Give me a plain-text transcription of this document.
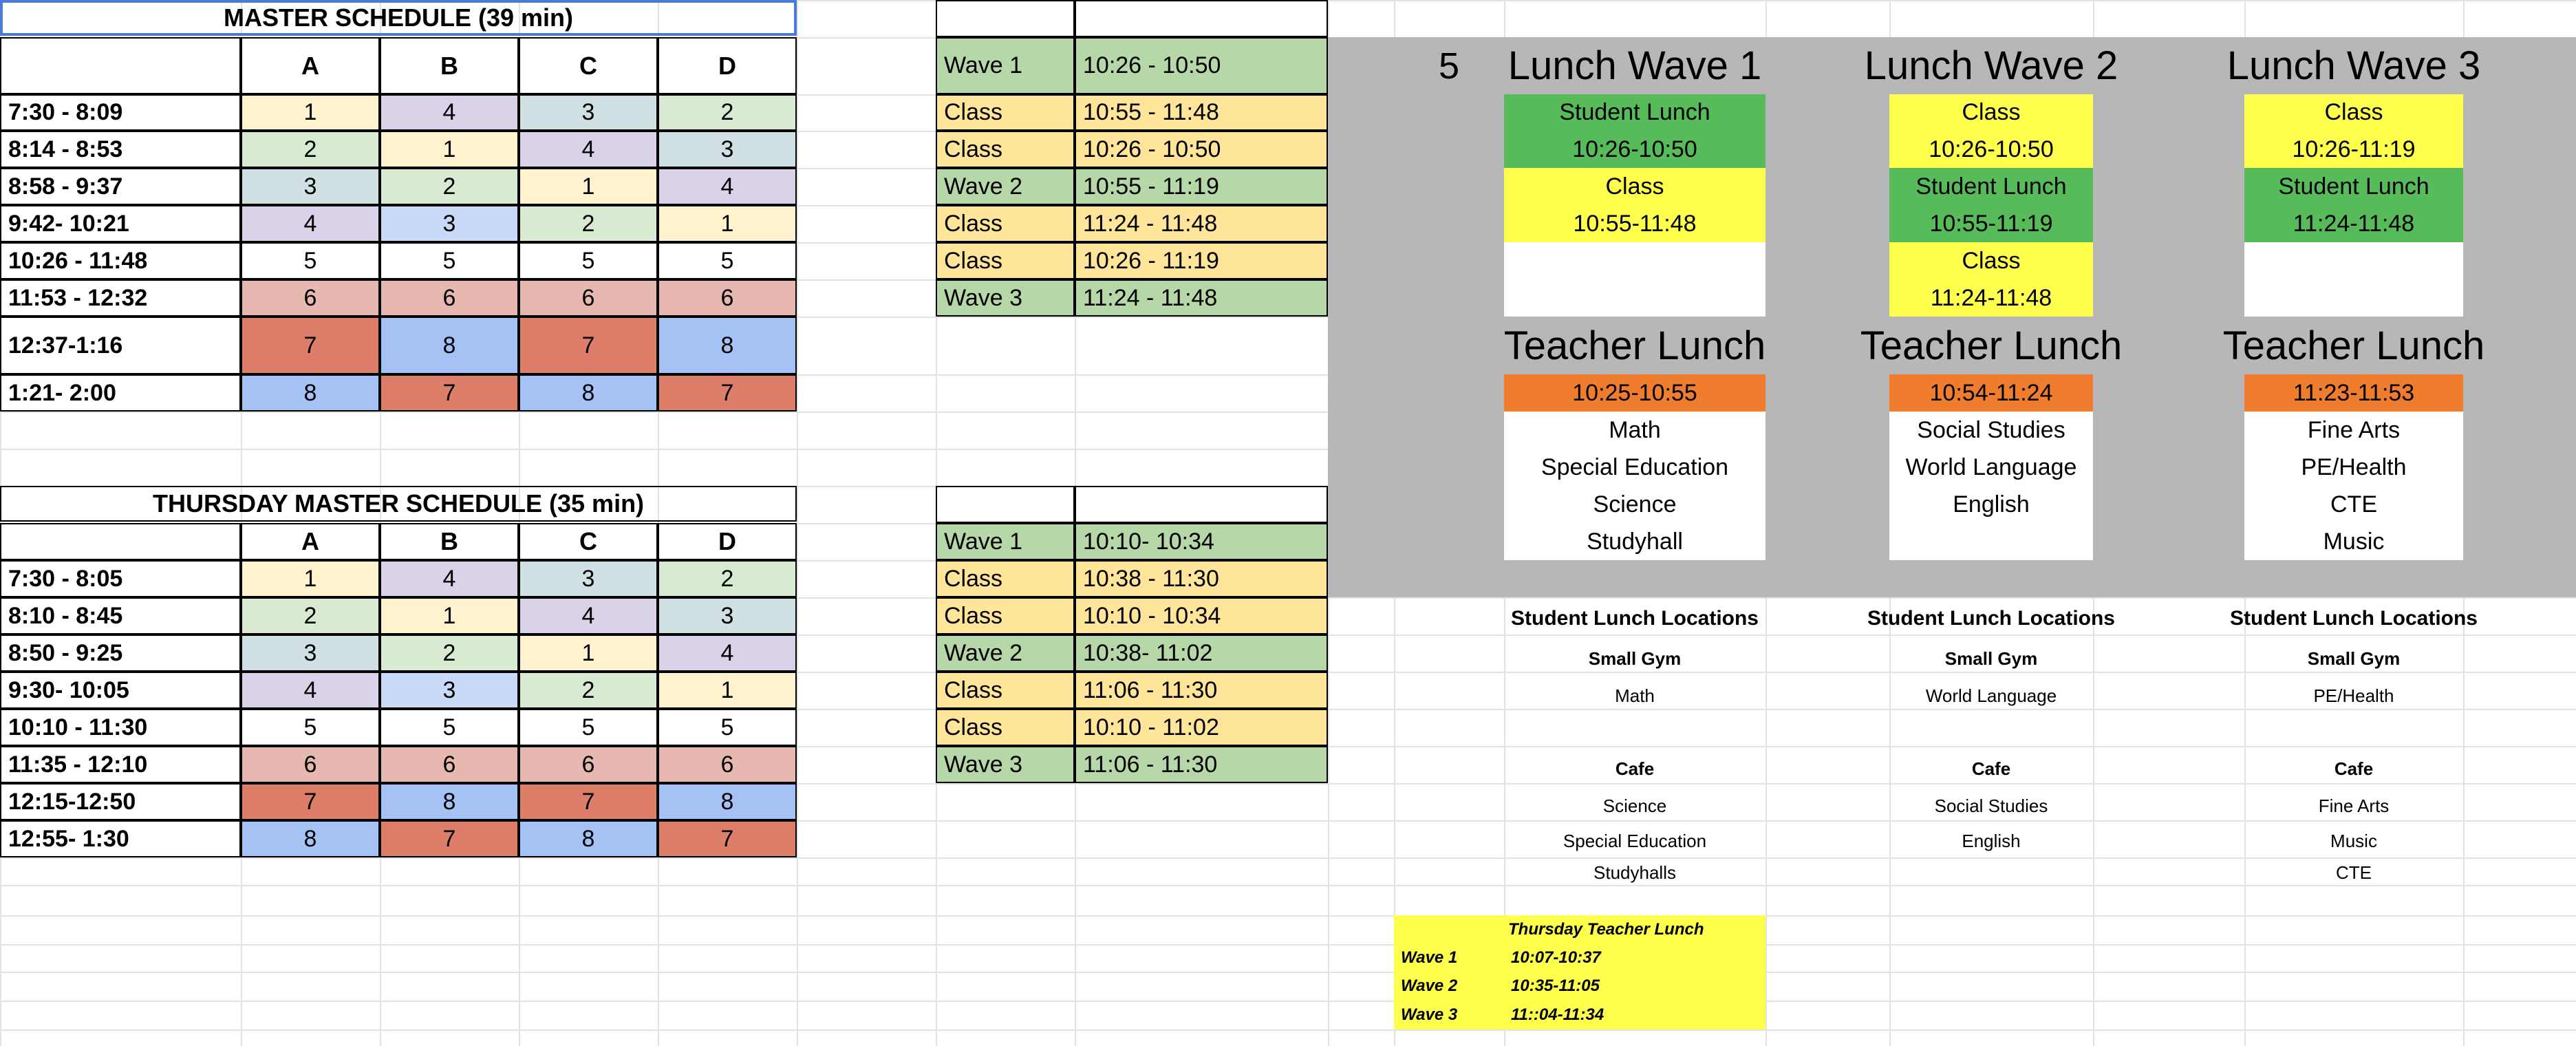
MASTER SCHEDULE (39 min)
A	B	C	D
7:30 - 8:09	1	4	3	2
8:14 - 8:53	2	1	4	3
8:58 - 9:37	3	2	1	4
9:42- 10:21	4	3	2	1
10:26 - 11:48	5	5	5	5
11:53 - 12:32	6	6	6	6
12:37-1:16	7	8	7	8
1:21- 2:00	8	7	8	7
THURSDAY MASTER SCHEDULE (35 min)
A	B	C	D
7:30 - 8:05	1	4	3	2
8:10 - 8:45	2	1	4	3
8:50 - 9:25	3	2	1	4
9:30- 10:05	4	3	2	1
10:10 - 11:30	5	5	5	5
11:35 - 12:10	6	6	6	6
12:15-12:50	7	8	7	8
12:55- 1:30	8	7	8	7
Wave 1	10:26 - 10:50
Class	10:55 - 11:48
Class	10:26 - 10:50
Wave 2	10:55 - 11:19
Class	11:24 - 11:48
Class	10:26 - 11:19
Wave 3	11:24 - 11:48
Wave 1	10:10- 10:34
Class	10:38 - 11:30
Class	10:10 - 10:34
Wave 2	10:38- 11:02
Class	11:06 - 11:30
Class	10:10 - 11:02
Wave 3	11:06 - 11:30
5	Lunch Wave 1
Student Lunch
10:26-10:50
Class
10:55-11:48
Teacher Lunch
10:25-10:55
Math
Special Education
Science
Studyhall
Student Lunch Locations
Small Gym
Math
Cafe
Science
Special Education
Studyhalls
Lunch Wave 2
Class
10:26-10:50
Student Lunch
10:55-11:19
Class
11:24-11:48
Teacher Lunch
10:54-11:24
Social Studies
World Language
English
Student Lunch Locations
Small Gym
World Language
Cafe
Social Studies
English
Lunch Wave 3
Class
10:26-11:19
Student Lunch
11:24-11:48
Teacher Lunch
11:23-11:53
Fine Arts
PE/Health
CTE
Music
Student Lunch Locations
Small Gym
PE/Health
Cafe
Fine Arts
Music
CTE
Thursday Teacher Lunch
Wave 1	10:07-10:37
Wave 2	10:35-11:05
Wave 3	11::04-11:34
